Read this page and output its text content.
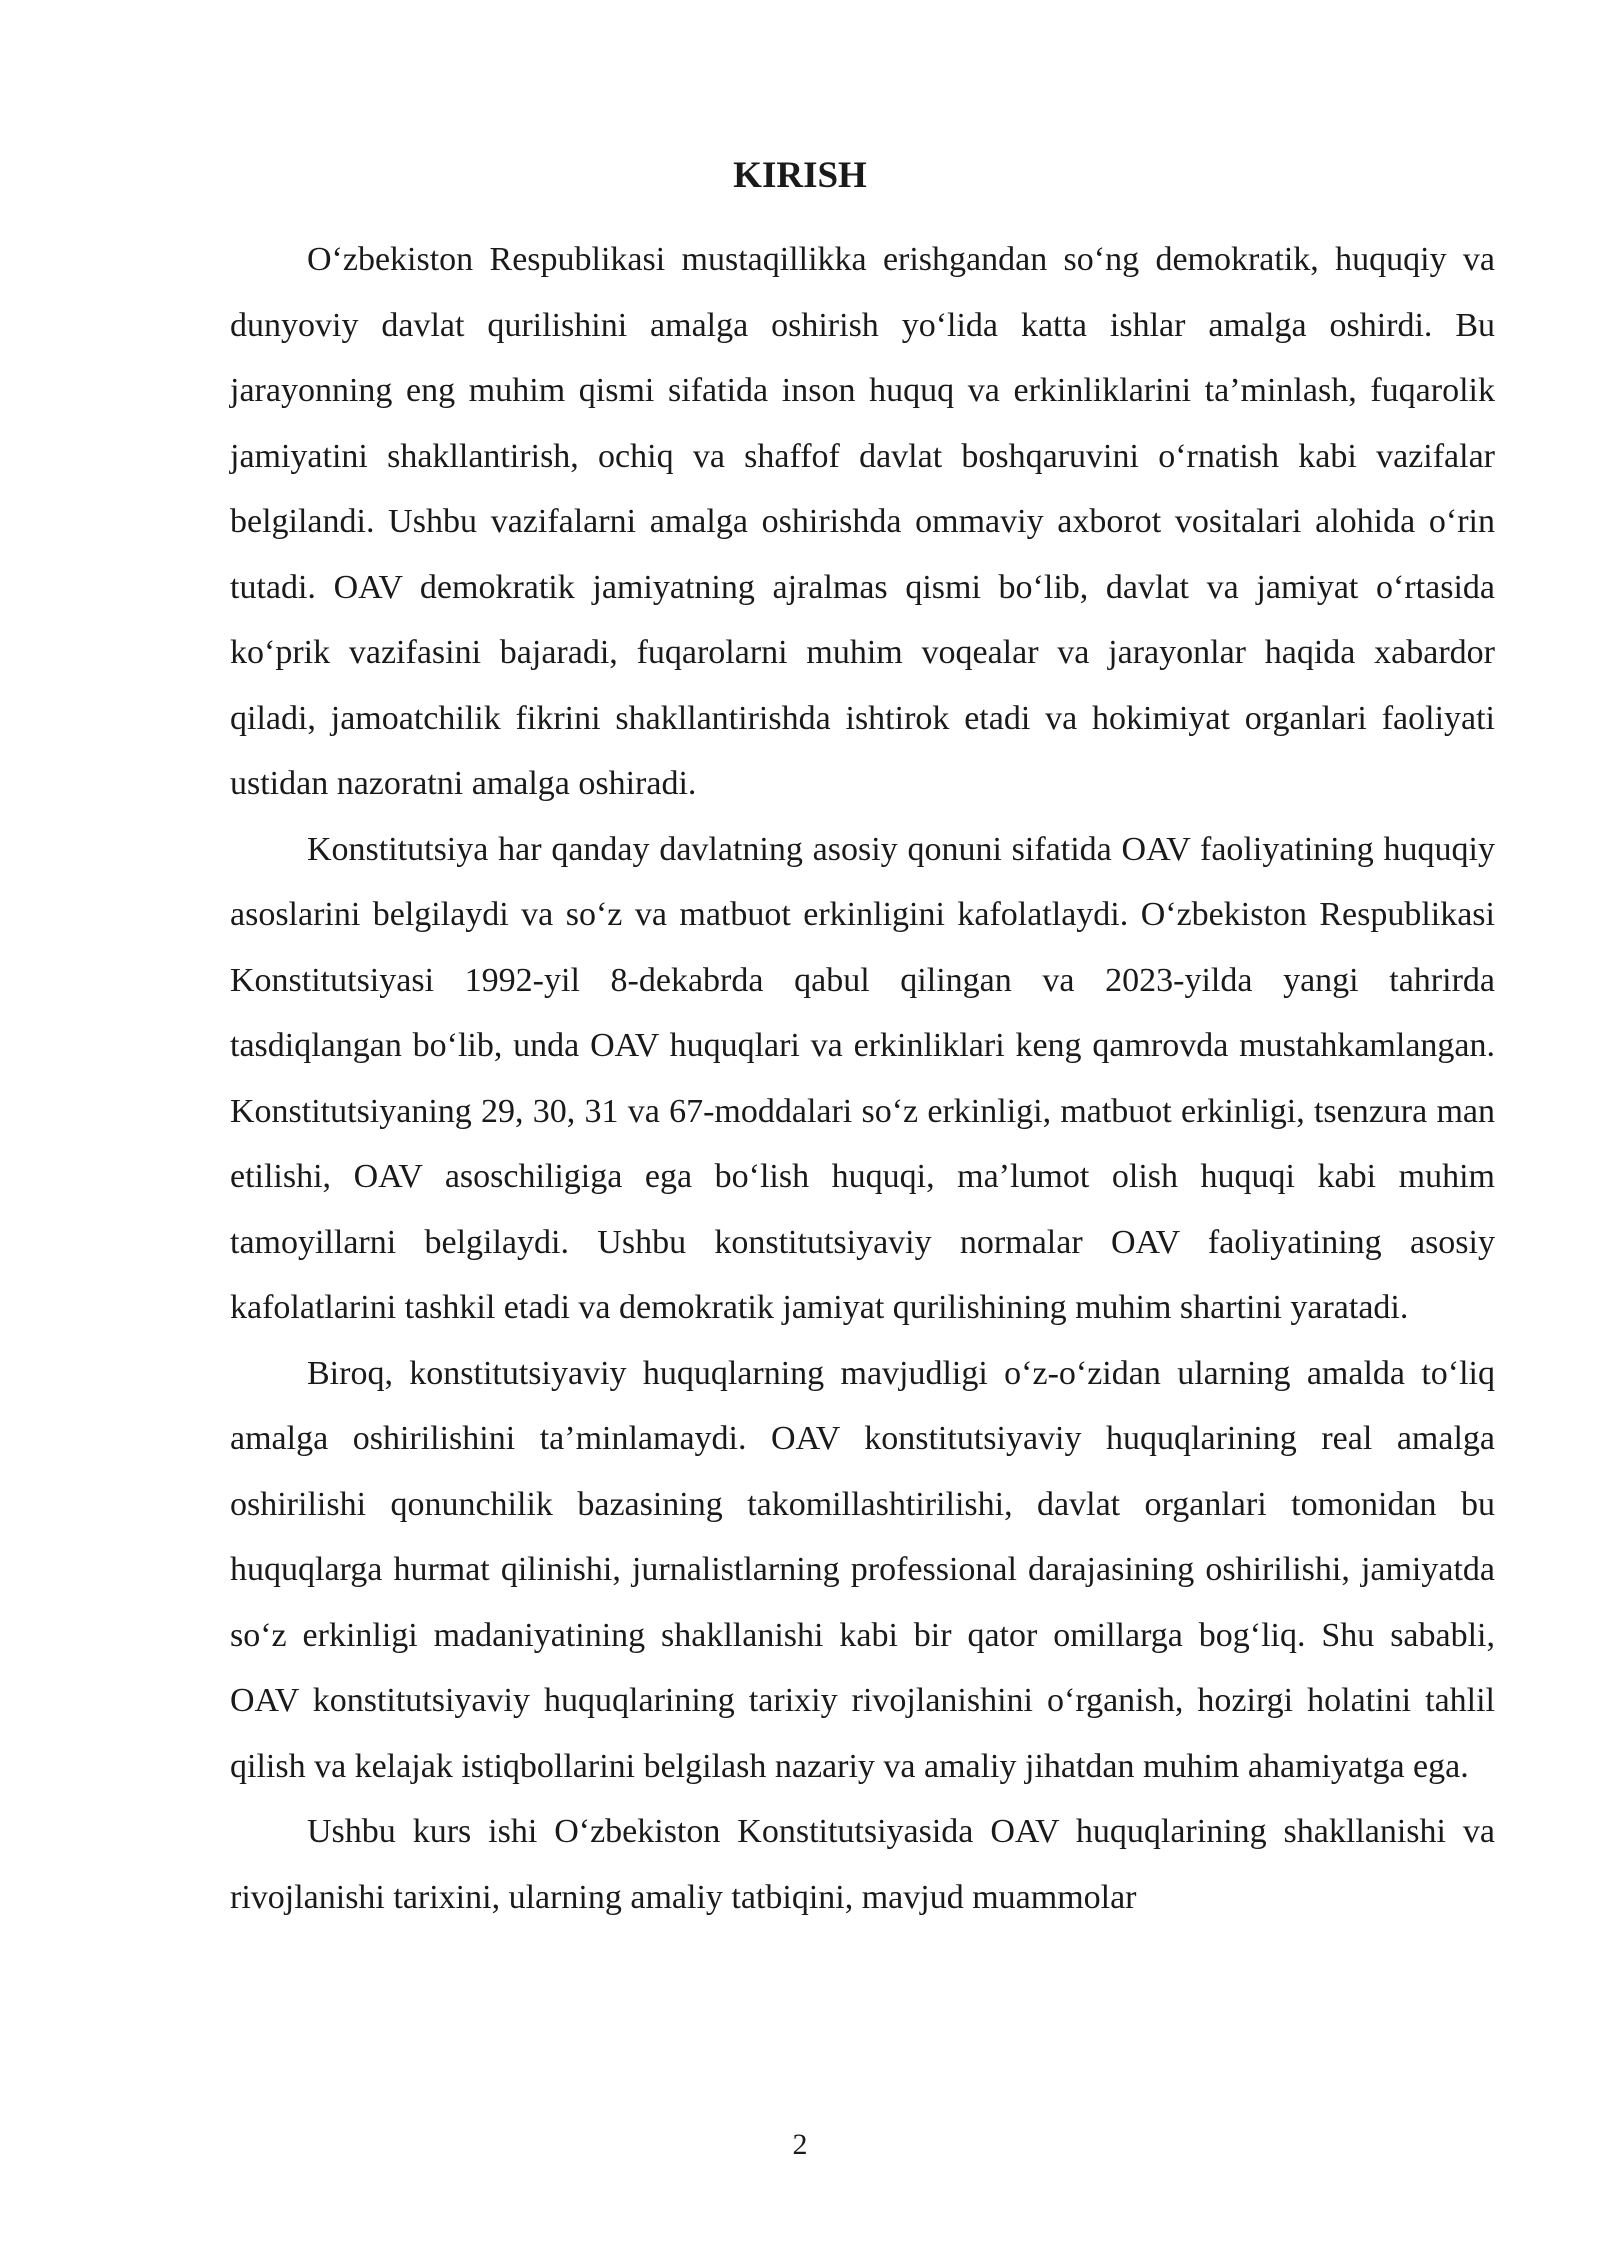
KIRISH

O‘zbekiston Respublikasi mustaqillikka erishgandan so‘ng demokratik, huquqiy va dunyoviy davlat qurilishini amalga oshirish yo‘lida katta ishlar amalga oshirdi. Bu jarayonning eng muhim qismi sifatida inson huquq va erkinliklarini ta’minlash, fuqarolik jamiyatini shakllantirish, ochiq va shaffof davlat boshqaruvini o‘rnatish kabi vazifalar belgilandi. Ushbu vazifalarni amalga oshirishda ommaviy axborot vositalari alohida o‘rin tutadi. OAV demokratik jamiyatning ajralmas qismi bo‘lib, davlat va jamiyat o‘rtasida ko‘prik vazifasini bajaradi, fuqarolarni muhim voqealar va jarayonlar haqida xabardor qiladi, jamoatchilik fikrini shakllantirishda ishtirok etadi va hokimiyat organlari faoliyati ustidan nazoratni amalga oshiradi.

Konstitutsiya har qanday davlatning asosiy qonuni sifatida OAV faoliyatining huquqiy asoslarini belgilaydi va so‘z va matbuot erkinligini kafolatlaydi. O‘zbekiston Respublikasi Konstitutsiyasi 1992-yil 8-dekabrda qabul qilingan va 2023-yilda yangi tahrirda tasdiqlangan bo‘lib, unda OAV huquqlari va erkinliklari keng qamrovda mustahkamlangan. Konstitutsiyaning 29, 30, 31 va 67-moddalari so‘z erkinligi, matbuot erkinligi, tsenzura man etilishi, OAV asoschiligiga ega bo‘lish huquqi, ma’lumot olish huquqi kabi muhim tamoyillarni belgilaydi. Ushbu konstitutsiyaviy normalar OAV faoliyatining asosiy kafolatlarini tashkil etadi va demokratik jamiyat qurilishining muhim shartini yaratadi.

Biroq, konstitutsiyaviy huquqlarning mavjudligi o‘z-o‘zidan ularning amalda to‘liq amalga oshirilishini ta’minlamaydi. OAV konstitutsiyaviy huquqlarining real amalga oshirilishi qonunchilik bazasining takomillashtirilishi, davlat organlari tomonidan bu huquqlarga hurmat qilinishi, jurnalistlarning professional darajasining oshirilishi, jamiyatda so‘z erkinligi madaniyatining shakllanishi kabi bir qator omillarga bog‘liq. Shu sababli, OAV konstitutsiyaviy huquqlarining tarixiy rivojlanishini o‘rganish, hozirgi holatini tahlil qilish va kelajak istiqbollarini belgilash nazariy va amaliy jihatdan muhim ahamiyatga ega.

Ushbu kurs ishi O‘zbekiston Konstitutsiyasida OAV huquqlarining shakllanishi va rivojlanishi tarixini, ularning amaliy tatbiqini, mavjud muammolar

2
